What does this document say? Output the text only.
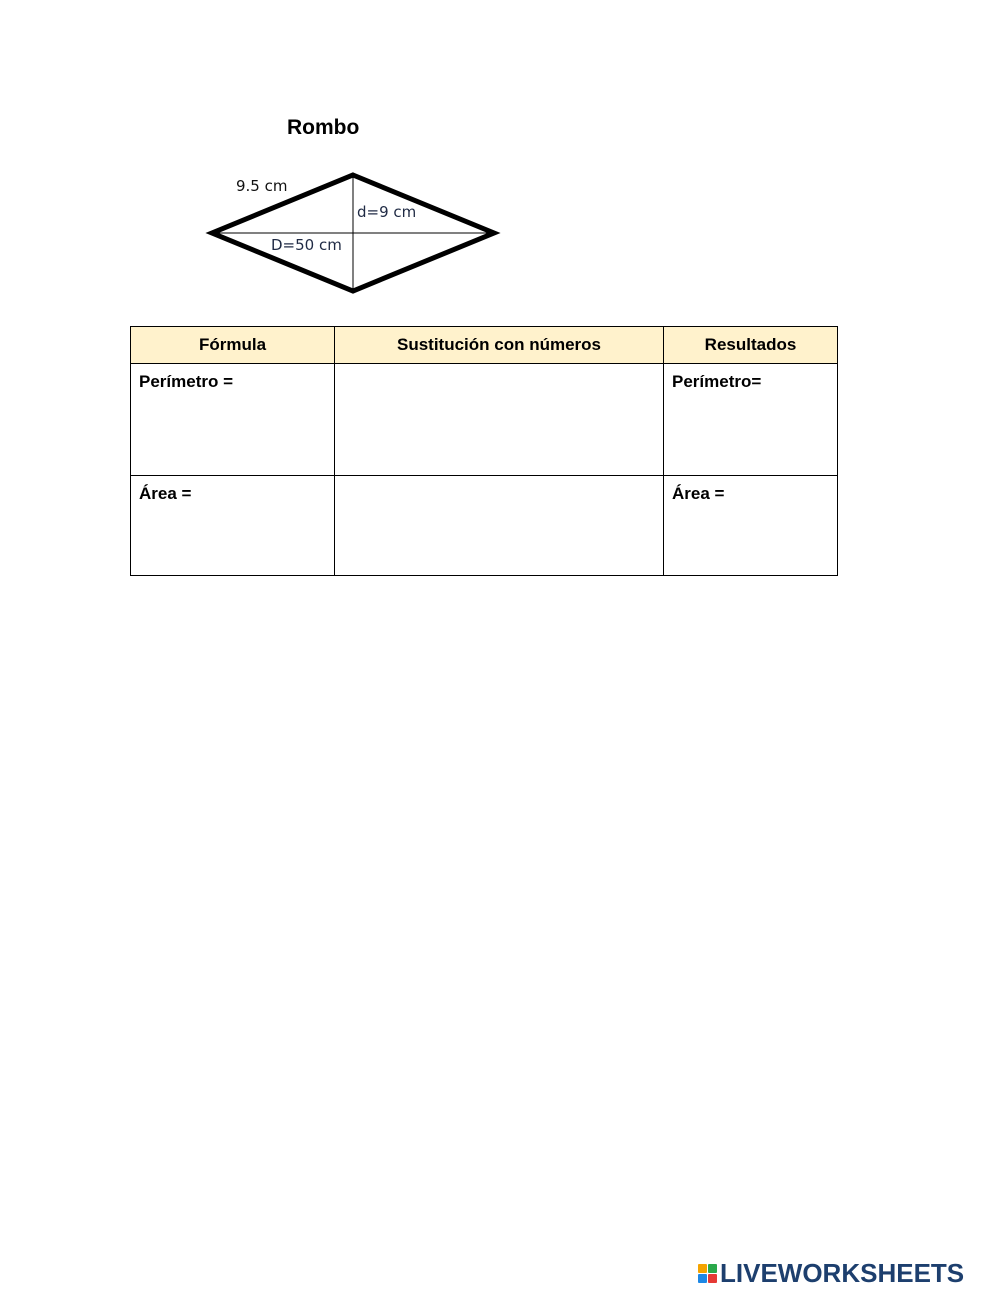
Rombo
9.5 cm
d=9 cm
D=50 cm
Fórmula	Sustitución con números	Resultados
Perímetro =		Perímetro=
Área =		Área =
LIVEWORKSHEETS
